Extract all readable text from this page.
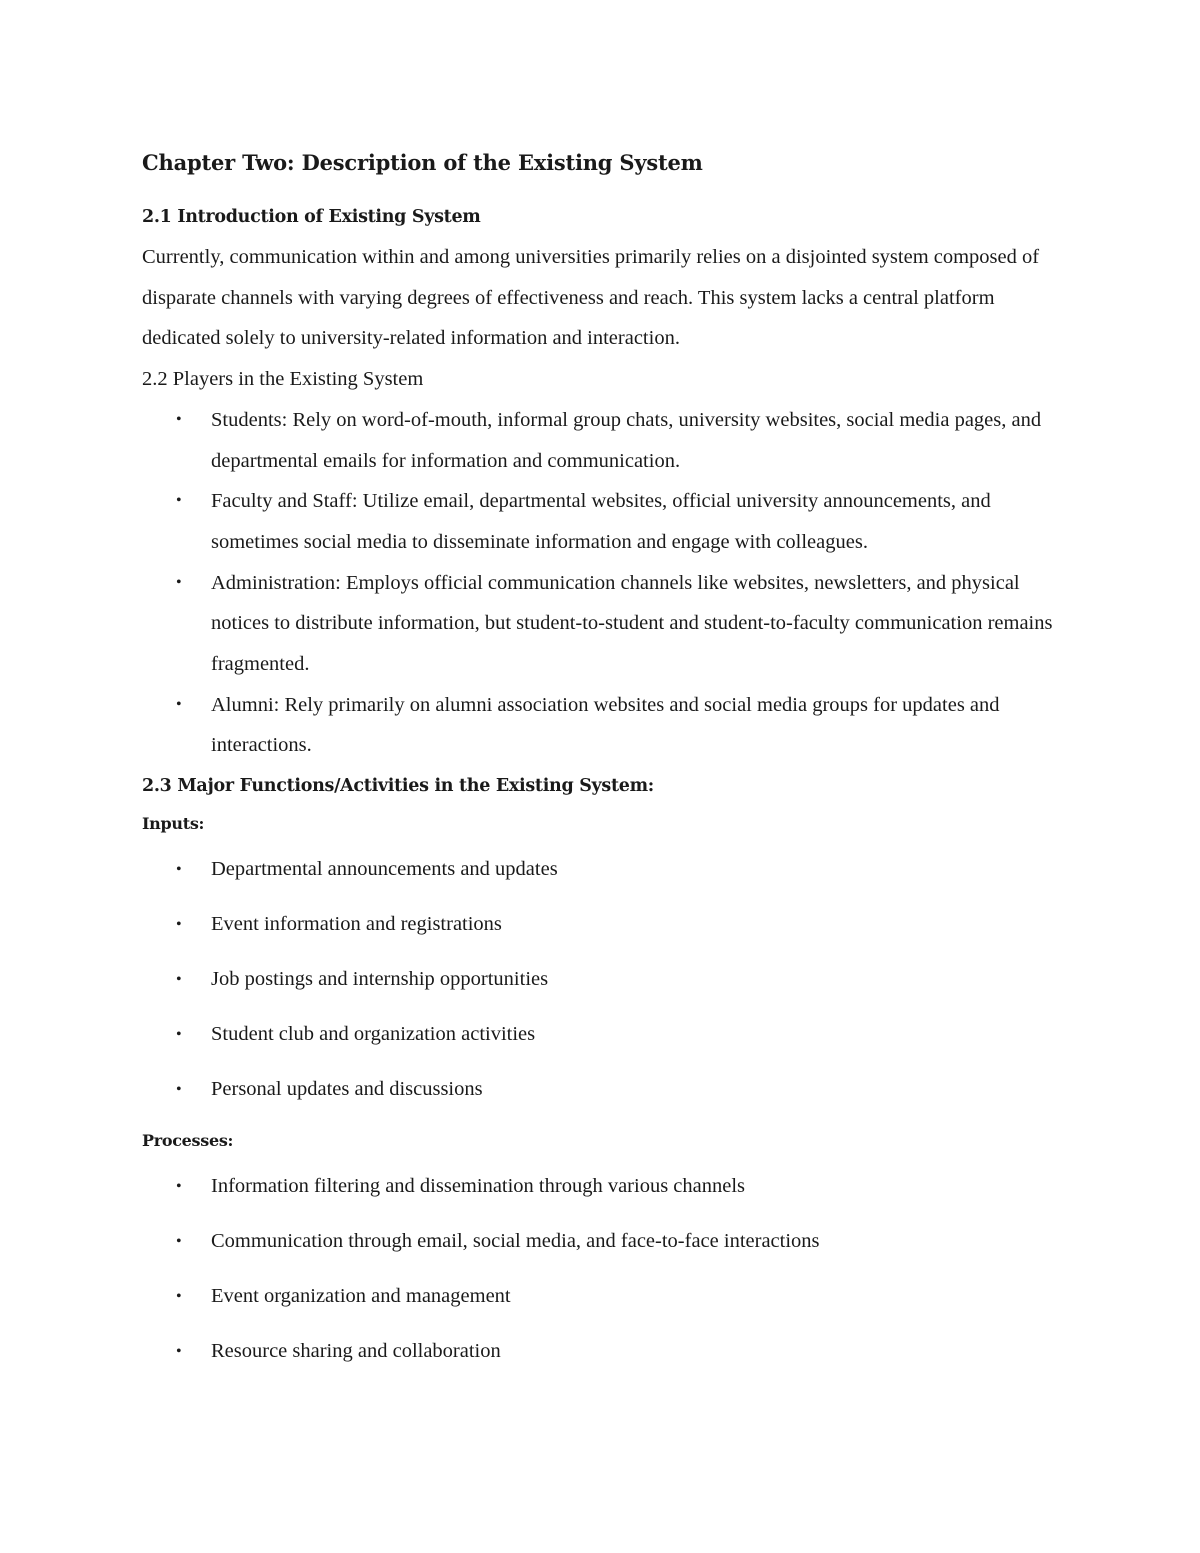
Chapter Two: Description of the Existing System
2.1 Introduction of Existing System

Currently, communication within and among universities primarily relies on a disjointed system composed of disparate channels with varying degrees of effectiveness and reach. This system lacks a central platform dedicated solely to university-related information and interaction.

2.2 Players in the Existing System

• Students: Rely on word-of-mouth, informal group chats, university websites, social media pages, and departmental emails for information and communication.
• Faculty and Staff: Utilize email, departmental websites, official university announcements, and sometimes social media to disseminate information and engage with colleagues.
• Administration: Employs official communication channels like websites, newsletters, and physical notices to distribute information, but student-to-student and student-to-faculty communication remains fragmented.
• Alumni: Rely primarily on alumni association websites and social media groups for updates and interactions.
2.3 Major Functions/Activities in the Existing System:

Inputs:

• Departmental announcements and updates
• Event information and registrations
• Job postings and internship opportunities
• Student club and organization activities
• Personal updates and discussions

Processes:

• Information filtering and dissemination through various channels
• Communication through email, social media, and face-to-face interactions
• Event organization and management
• Resource sharing and collaboration
